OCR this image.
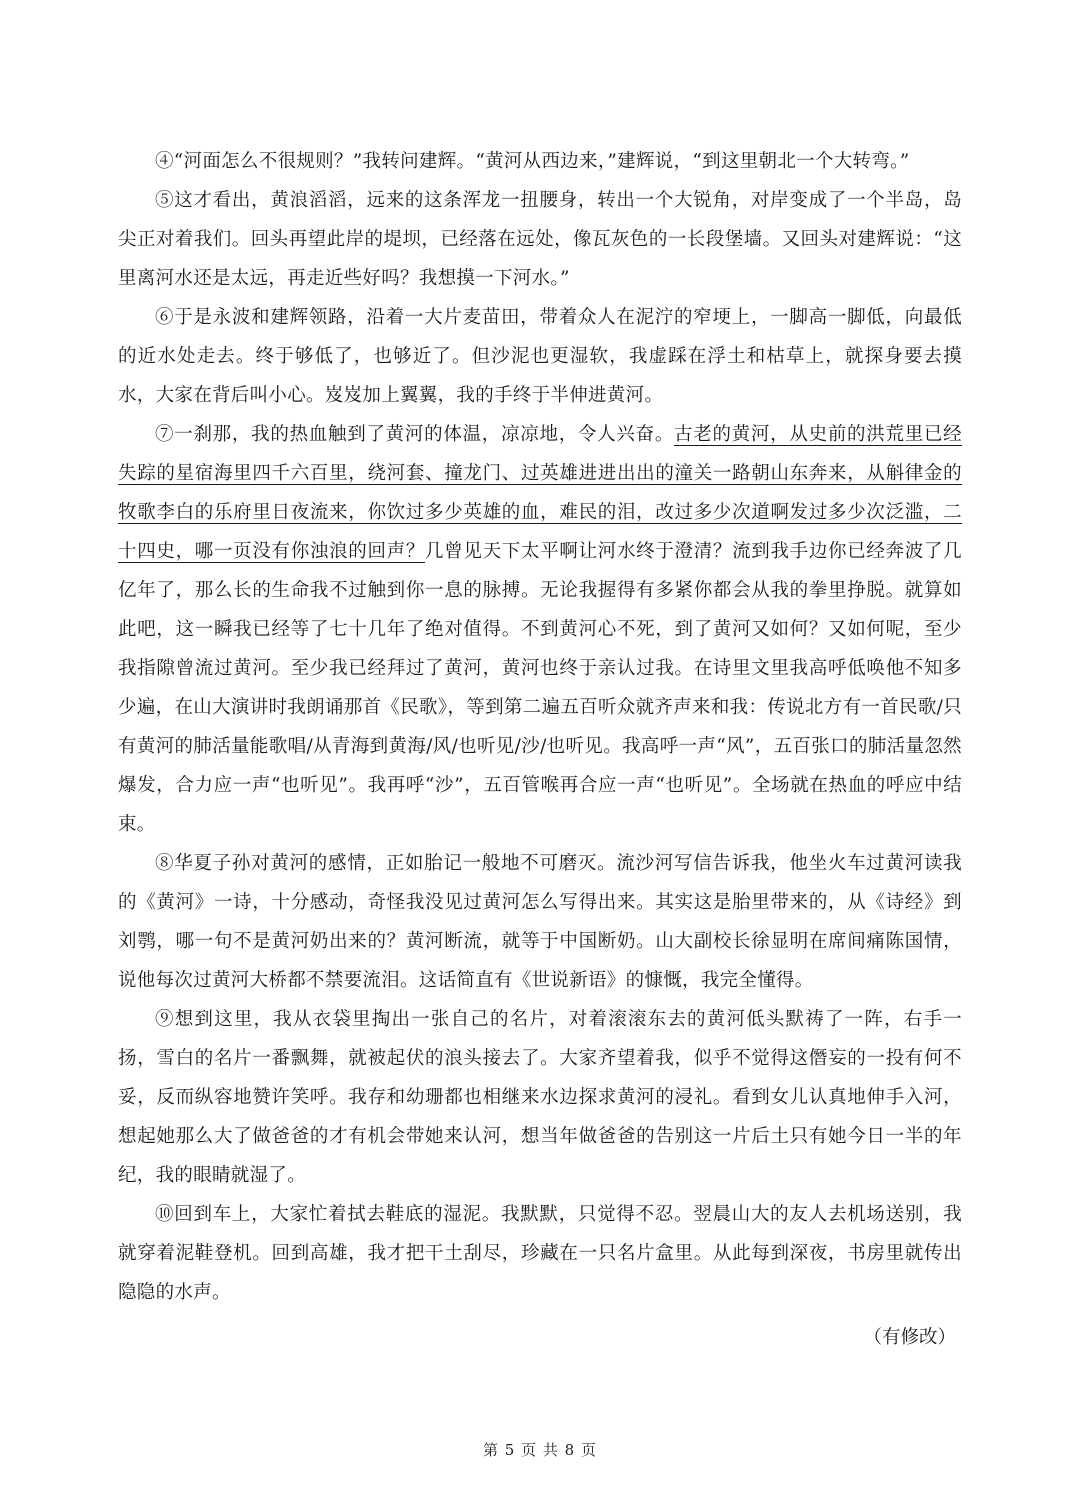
④“河面怎么不很规则？”我转问建辉。“黄河从西边来，”建辉说，“到这里朝北一个大转弯。”

⑤这才看出，黄浪滔滔，远来的这条浑龙一扭腰身，转出一个大锐角，对岸变成了一个半岛，岛尖正对着我们。回头再望此岸的堤坝，已经落在远处，像瓦灰色的一长段堡墙。又回头对建辉说：“这里离河水还是太远，再走近些好吗？我想摸一下河水。”

⑥于是永波和建辉领路，沿着一大片麦苗田，带着众人在泥泞的窄埂上，一脚高一脚低，向最低的近水处走去。终于够低了，也够近了。但沙泥也更湿软，我虚踩在浮土和枯草上，就探身要去摸水，大家在背后叫小心。岌岌加上翼翼，我的手终于半伸进黄河。

⑦一刹那，我的热血触到了黄河的体温，凉凉地，令人兴奋。古老的黄河，从史前的洪荒里已经失踪的星宿海里四千六百里，绕河套、撞龙门、过英雄进进出出的潼关一路朝山东奔来，从斛律金的牧歌李白的乐府里日夜流来，你饮过多少英雄的血，难民的泪，改过多少次道啊发过多少次泛滥，二十四史，哪一页没有你浊浪的回声？几曾见天下太平啊让河水终于澄清？流到我手边你已经奔波了几亿年了，那么长的生命我不过触到你一息的脉搏。无论我握得有多紧你都会从我的拳里挣脱。就算如此吧，这一瞬我已经等了七十几年了绝对值得。不到黄河心不死，到了黄河又如何？又如何呢，至少我指隙曾流过黄河。至少我已经拜过了黄河，黄河也终于亲认过我。在诗里文里我高呼低唤他不知多少遍，在山大演讲时我朗诵那首《民歌》，等到第二遍五百听众就齐声来和我：传说北方有一首民歌/只有黄河的肺活量能歌唱/从青海到黄海/风/也听见/沙/也听见。我高呼一声“风”，五百张口的肺活量忽然爆发，合力应一声“也听见”。我再呼“沙”，五百管喉再合应一声“也听见”。全场就在热血的呼应中结束。

⑧华夏子孙对黄河的感情，正如胎记一般地不可磨灭。流沙河写信告诉我，他坐火车过黄河读我的《黄河》一诗，十分感动，奇怪我没见过黄河怎么写得出来。其实这是胎里带来的，从《诗经》到刘鹗，哪一句不是黄河奶出来的？黄河断流，就等于中国断奶。山大副校长徐显明在席间痛陈国情，说他每次过黄河大桥都不禁要流泪。这话简直有《世说新语》的慷慨，我完全懂得。

⑨想到这里，我从衣袋里掏出一张自己的名片，对着滚滚东去的黄河低头默祷了一阵，右手一扬，雪白的名片一番飘舞，就被起伏的浪头接去了。大家齐望着我，似乎不觉得这僭妄的一投有何不妥，反而纵容地赞许笑呼。我存和幼珊都也相继来水边探求黄河的浸礼。看到女儿认真地伸手入河，想起她那么大了做爸爸的才有机会带她来认河，想当年做爸爸的告别这一片后土只有她今日一半的年纪，我的眼睛就湿了。

⑩回到车上，大家忙着拭去鞋底的湿泥。我默默，只觉得不忍。翌晨山大的友人去机场送别，我就穿着泥鞋登机。回到高雄，我才把干土刮尽，珍藏在一只名片盒里。从此每到深夜，书房里就传出隐隐的水声。

（有修改）

第 5 页 共 8 页
